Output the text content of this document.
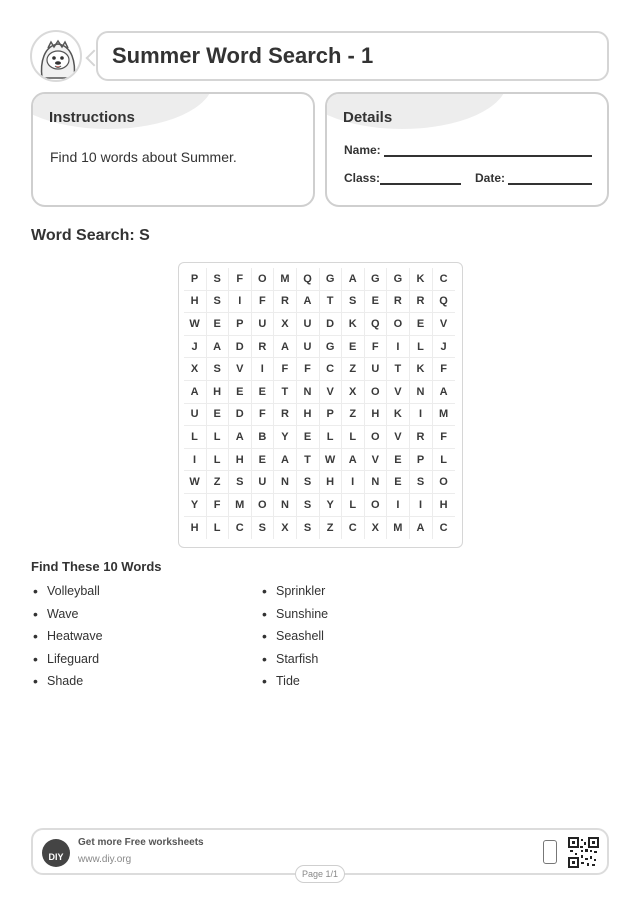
Summer Word Search - 1
Instructions
Find 10 words about Summer.
Details
Name:
Class:	Date:
Word Search: S
P	S	F	O	M	Q	G	A	G	G	K	C
H	S	I	F	R	A	T	S	E	R	R	Q
W	E	P	U	X	U	D	K	Q	O	E	V
J	A	D	R	A	U	G	E	F	I	L	J
X	S	V	I	F	F	C	Z	U	T	K	F
A	H	E	E	T	N	V	X	O	V	N	A
U	E	D	F	R	H	P	Z	H	K	I	M
L	L	A	B	Y	E	L	L	O	V	R	F
I	L	H	E	A	T	W	A	V	E	P	L
W	Z	S	U	N	S	H	I	N	E	S	O
Y	F	M	O	N	S	Y	L	O	I	I	H
H	L	C	S	X	S	Z	C	X	M	A	C
Find These 10 Words
• Volleyball
• Wave
• Heatwave
• Lifeguard
• Shade
• Sprinkler
• Sunshine
• Seashell
• Starfish
• Tide
DIY
Get more Free worksheets
www.diy.org
Page 1/1
